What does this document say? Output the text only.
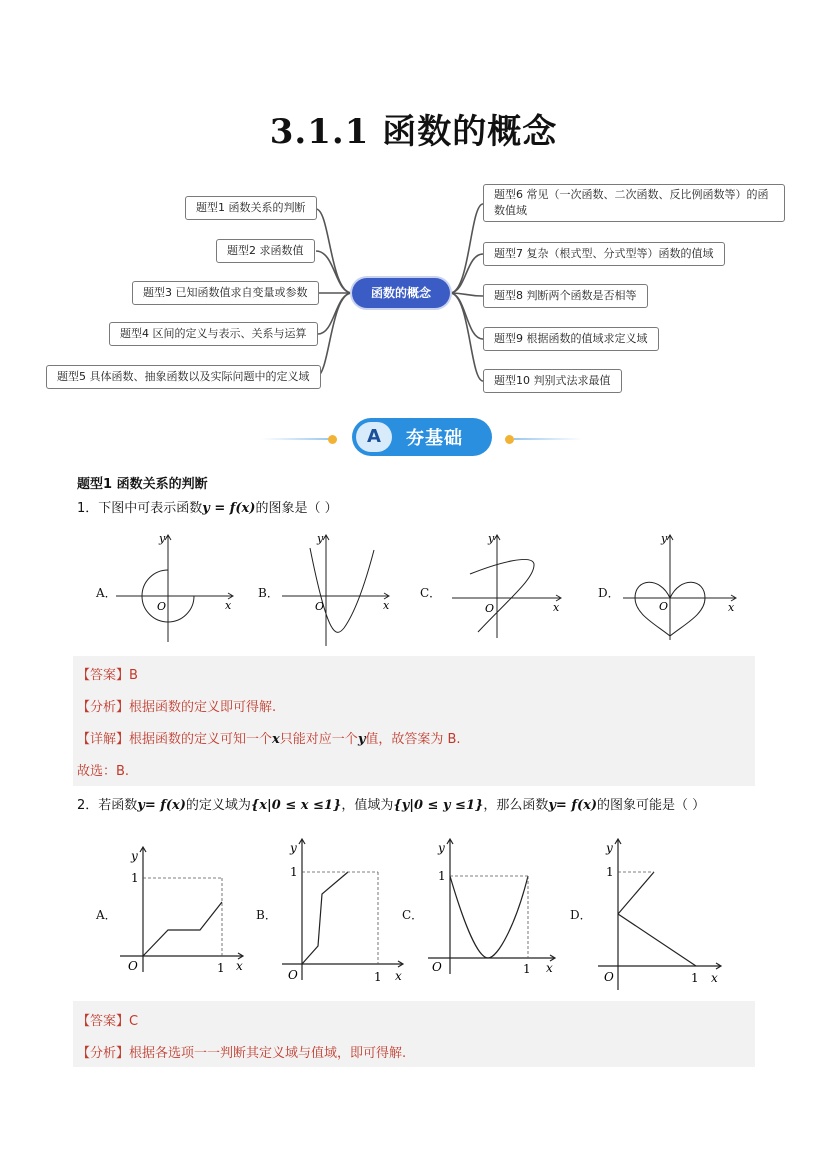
3.1.1 函数的概念
题型1 函数关系的判断
题型2 求函数值
题型3 已知函数值求自变量或参数
题型4 区间的定义与表示、关系与运算
题型5 具体函数、抽象函数以及实际问题中的定义域
函数的概念
题型6 常见（一次函数、二次函数、反比例函数等）的函
数值域
题型7 复杂（根式型、分式型等）函数的值域
题型8 判断两个函数是否相等
题型9 根据函数的值域求定义域
题型10 判别式法求最值
A	夯基础
题型1 函数关系的判断
1．下图中可表示函数y = f(x)的图象是（ ）
A．	B．	C．	D．
y
x
O
y
x
O
y
x
O
y
x
O
【答案】B
【分析】根据函数的定义即可得解.
【详解】根据函数的定义可知一个x只能对应一个y值，故答案为 B.
故选：B.
2．若函数y= f(x)的定义域为{x|0 ≤ x ≤1}，值域为{y|0 ≤ y ≤1}，那么函数y= f(x)的图象可能是（ ）
A．	B．	C．	D．
y
x
O
1
1
y
x
O
1
1
y
x
O
1
1
y
x
O
1
1
【答案】C
【分析】根据各选项一一判断其定义域与值域，即可得解.
